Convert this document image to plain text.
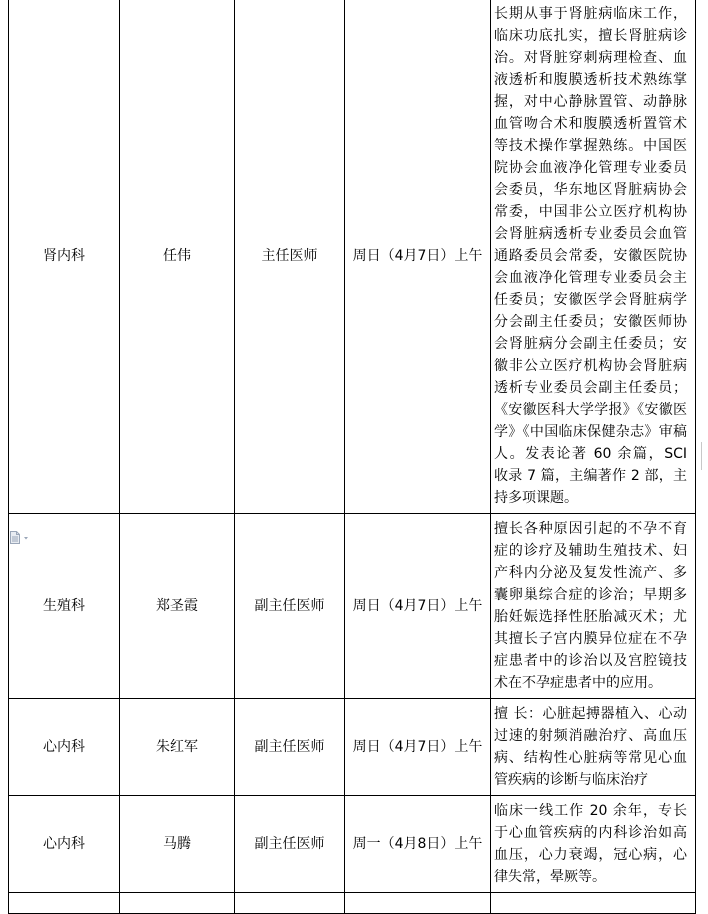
肾内科	任伟	主任医师	周日（4月7日）上午	长期从事于肾脏病临床工作，临床功底扎实，擅长肾脏病诊治。对肾脏穿刺病理检查、血液透析和腹膜透析技术熟练掌握，对中心静脉置管、动静脉血管吻合术和腹膜透析置管术等技术操作掌握熟练。中国医院协会血液净化管理专业委员会委员，华东地区肾脏病协会常委，中国非公立医疗机构协会肾脏病透析专业委员会血管通路委员会常委，安徽医院协会血液净化管理专业委员会主任委员；安徽医学会肾脏病学分会副主任委员；安徽医师协会肾脏病分会副主任委员；安徽非公立医疗机构协会肾脏病透析专业委员会副主任委员；《安徽医科大学学报》《安徽医学》《中国临床保健杂志》审稿人。发表论著 60 余篇，SCI 收录 7 篇，主编著作 2 部，主持多项课题。
生殖科	郑圣霞	副主任医师	周日（4月7日）上午	擅长各种原因引起的不孕不育症的诊疗及辅助生殖技术、妇产科内分泌及复发性流产、多囊卵巢综合症的诊治；早期多胎妊娠选择性胚胎减灭术；尤其擅长子宫内膜异位症在不孕症患者中的诊治以及宫腔镜技术在不孕症患者中的应用。
心内科	朱红军	副主任医师	周日（4月7日）上午	擅 长：心脏起搏器植入、心动过速的射频消融治疗、高血压病、结构性心脏病等常见心血管疾病的诊断与临床治疗
心内科	马腾	副主任医师	周一（4月8日）上午	临床一线工作 20 余年，专长于心血管疾病的内科诊治如高血压，心力衰竭，冠心病，心律失常，晕厥等。
